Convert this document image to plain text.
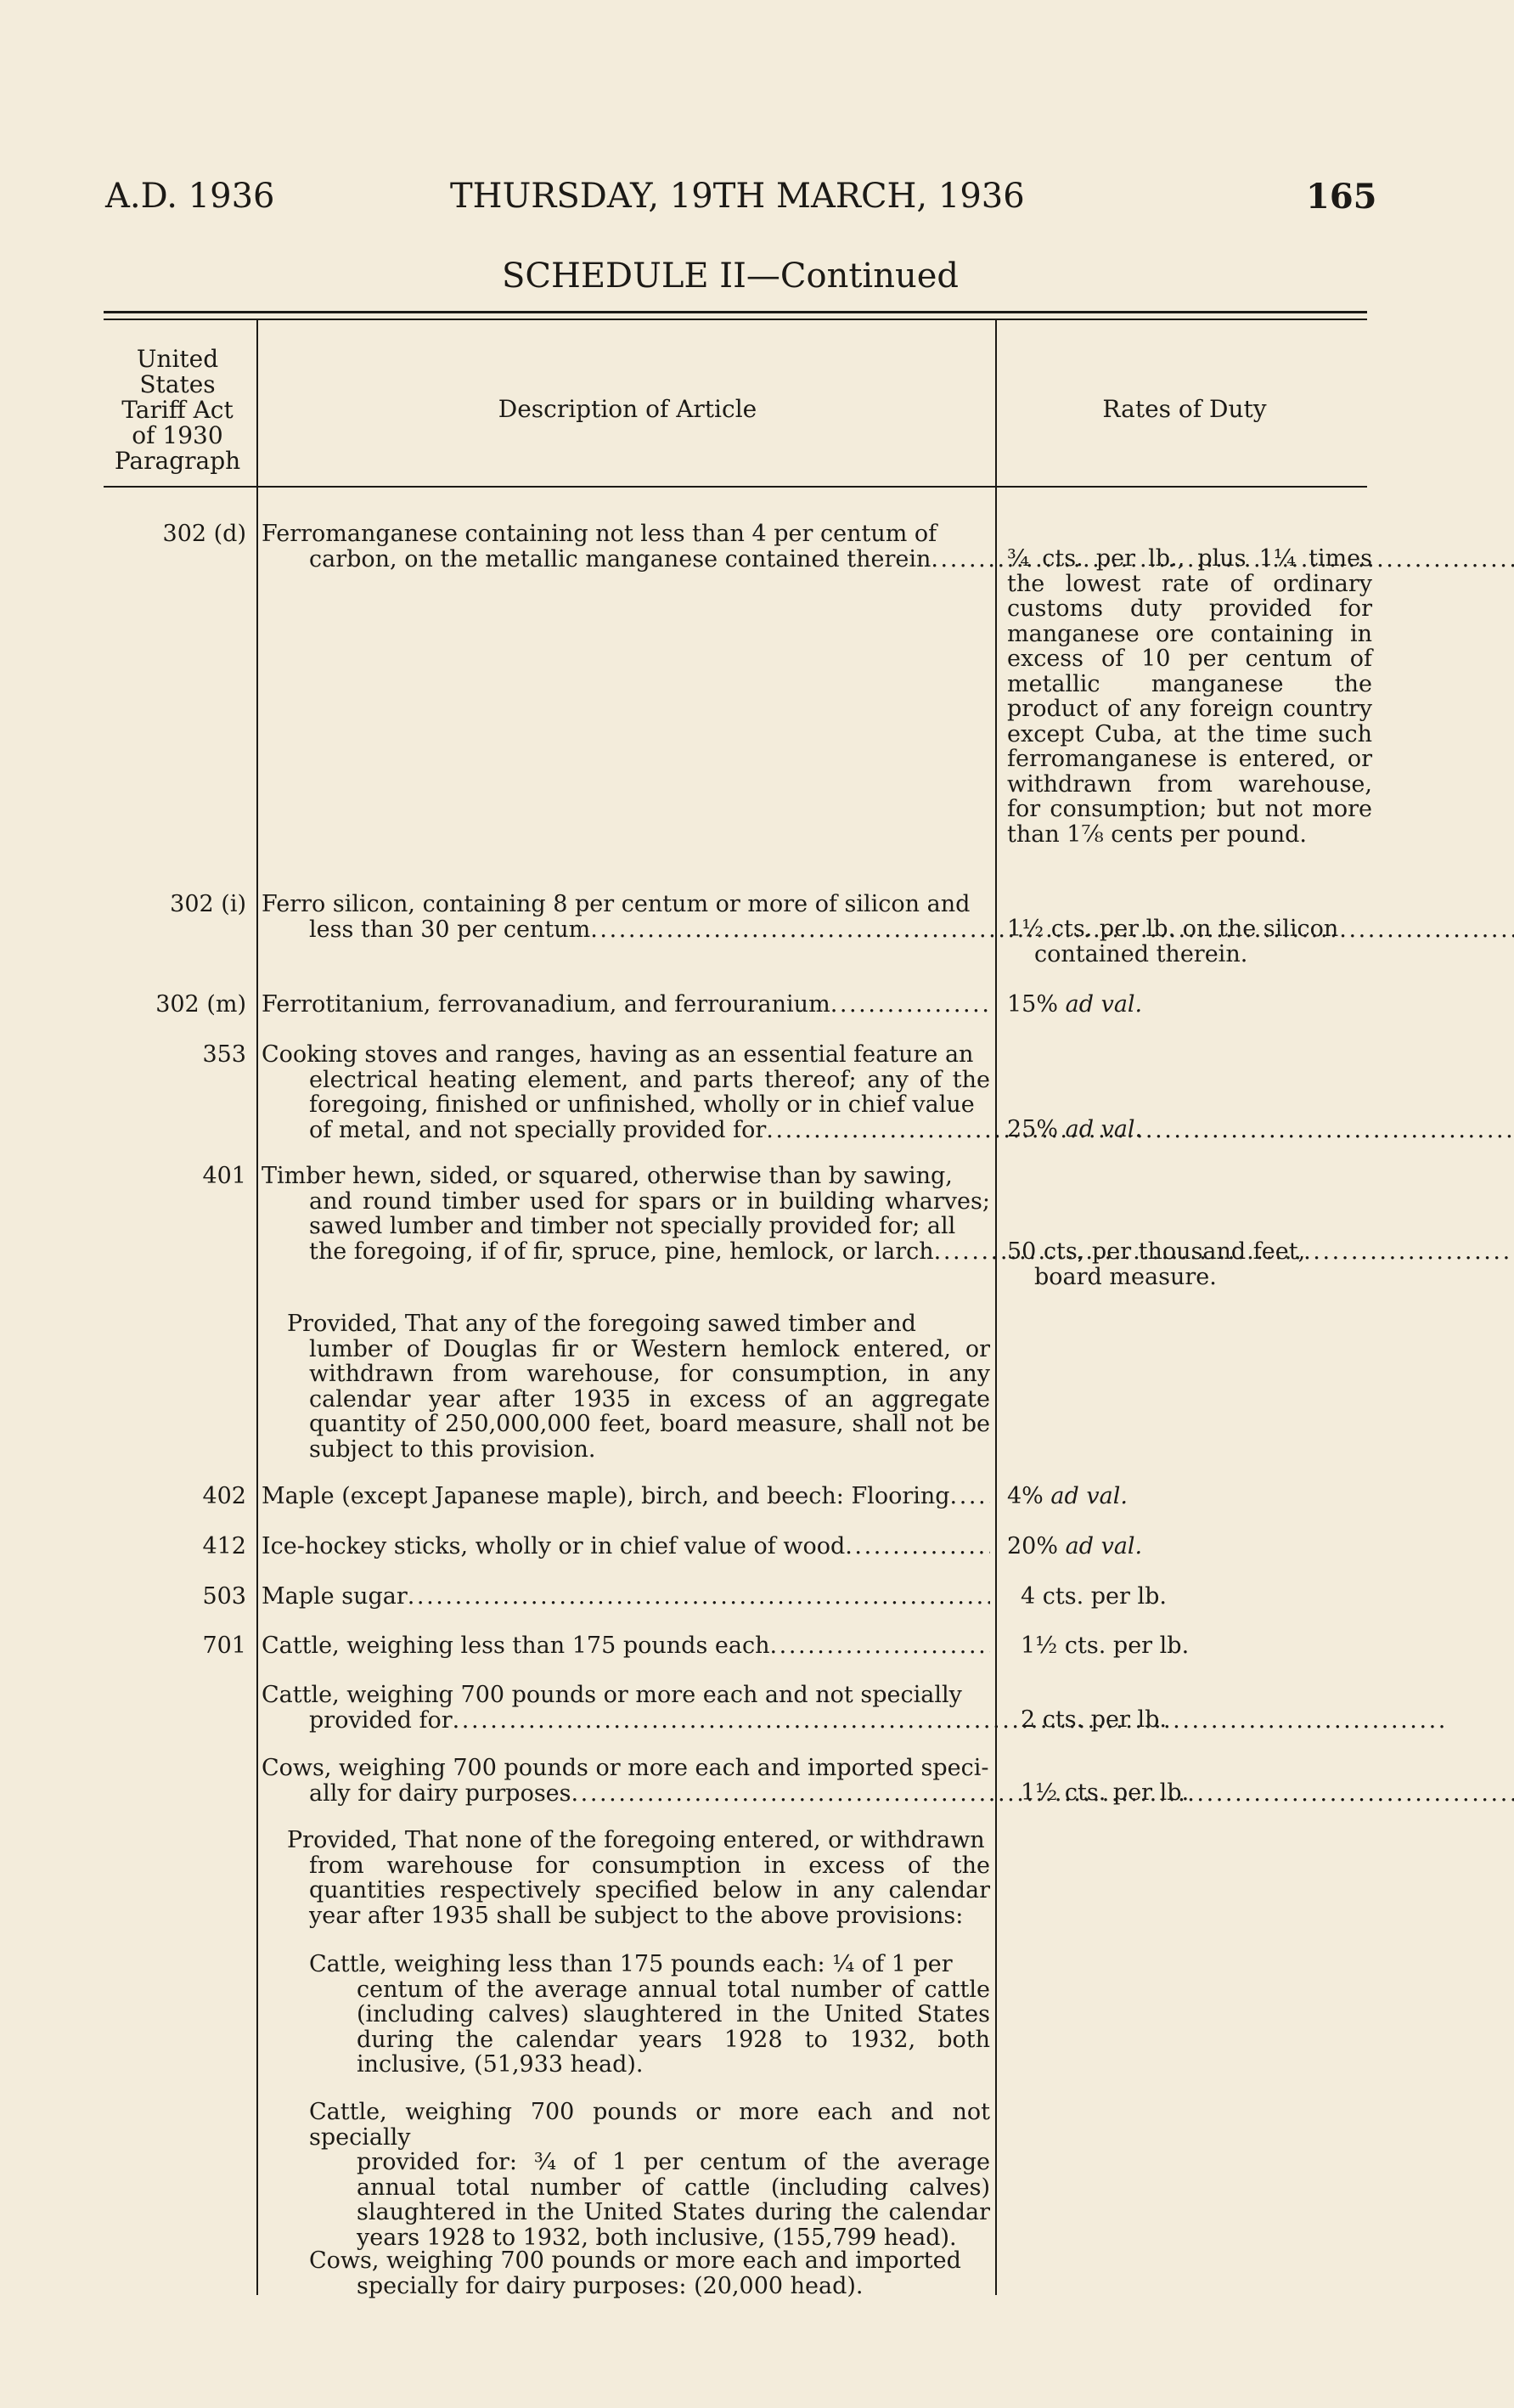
A.D. 1936	THURSDAY, 19TH MARCH, 1936	165
SCHEDULE II—Continued
United
States
Tariff Act
of 1930
Paragraph
Description of Article	Rates of Duty
302 (d) Ferromanganese containing not less than 4 per centum of
carbon, on the metallic manganese contained therein . . .	¾ cts. per lb., plus 1¼ times the lowest rate of ordinary customs duty provided for manganese ore containing in excess of 10 per centum of metallic manganese the product of any foreign country except Cuba, at the time such ferromanganese is entered, or withdrawn from warehouse, for consumption; but not more than 1⅞ cents per pound.
302 (i) Ferro silicon, containing 8 per centum or more of silicon and
less than 30 per centum . . .	1½ cts. per lb. on the silicon
contained therein.
302 (m) Ferrotitanium, ferrovanadium, and ferrouranium . . .	15% ad val.
353 Cooking stoves and ranges, having as an essential feature an
electrical heating element, and parts thereof; any of the foregoing, finished or unfinished, wholly or in chief value
of metal, and not specially provided for . . .	25% ad val.
401 Timber hewn, sided, or squared, otherwise than by sawing,
and round timber used for spars or in building wharves; sawed lumber and timber not specially provided for; all
the foregoing, if of fir, spruce, pine, hemlock, or larch . . .	50 cts, per thousand feet,
board measure.
Provided, That any of the foregoing sawed timber and
lumber of Douglas fir or Western hemlock entered, or withdrawn from warehouse, for consumption, in any calendar year after 1935 in excess of an aggregate quantity of 250,000,000 feet, board measure, shall not be subject to this provision.
402 Maple (except Japanese maple), birch, and beech: Flooring . . . 4% ad val.
412 Ice-hockey sticks, wholly or in chief value of wood . . .	20% ad val.
503 Maple sugar . . .	4 cts. per lb.
701 Cattle, weighing less than 175 pounds each . . .	1½ cts. per lb.
Cattle, weighing 700 pounds or more each and not specially
provided for . . .	2 cts. per lb.
Cows, weighing 700 pounds or more each and imported speci-
ally for dairy purposes . . .	1½ cts. per lb.
Provided, That none of the foregoing entered, or withdrawn
from warehouse for consumption in excess of the quantities respectively specified below in any calendar year after 1935 shall be subject to the above provisions:
Cattle, weighing less than 175 pounds each: ¼ of 1 per
centum of the average annual total number of cattle (including calves) slaughtered in the United States during the calendar years 1928 to 1932, both inclusive, (51,933 head).
Cattle, weighing 700 pounds or more each and not specially
provided for: ¾ of 1 per centum of the average annual total number of cattle (including calves) slaughtered in the United States during the calendar years 1928 to 1932, both inclusive, (155,799 head).
Cows, weighing 700 pounds or more each and imported
specially for dairy purposes: (20,000 head).
